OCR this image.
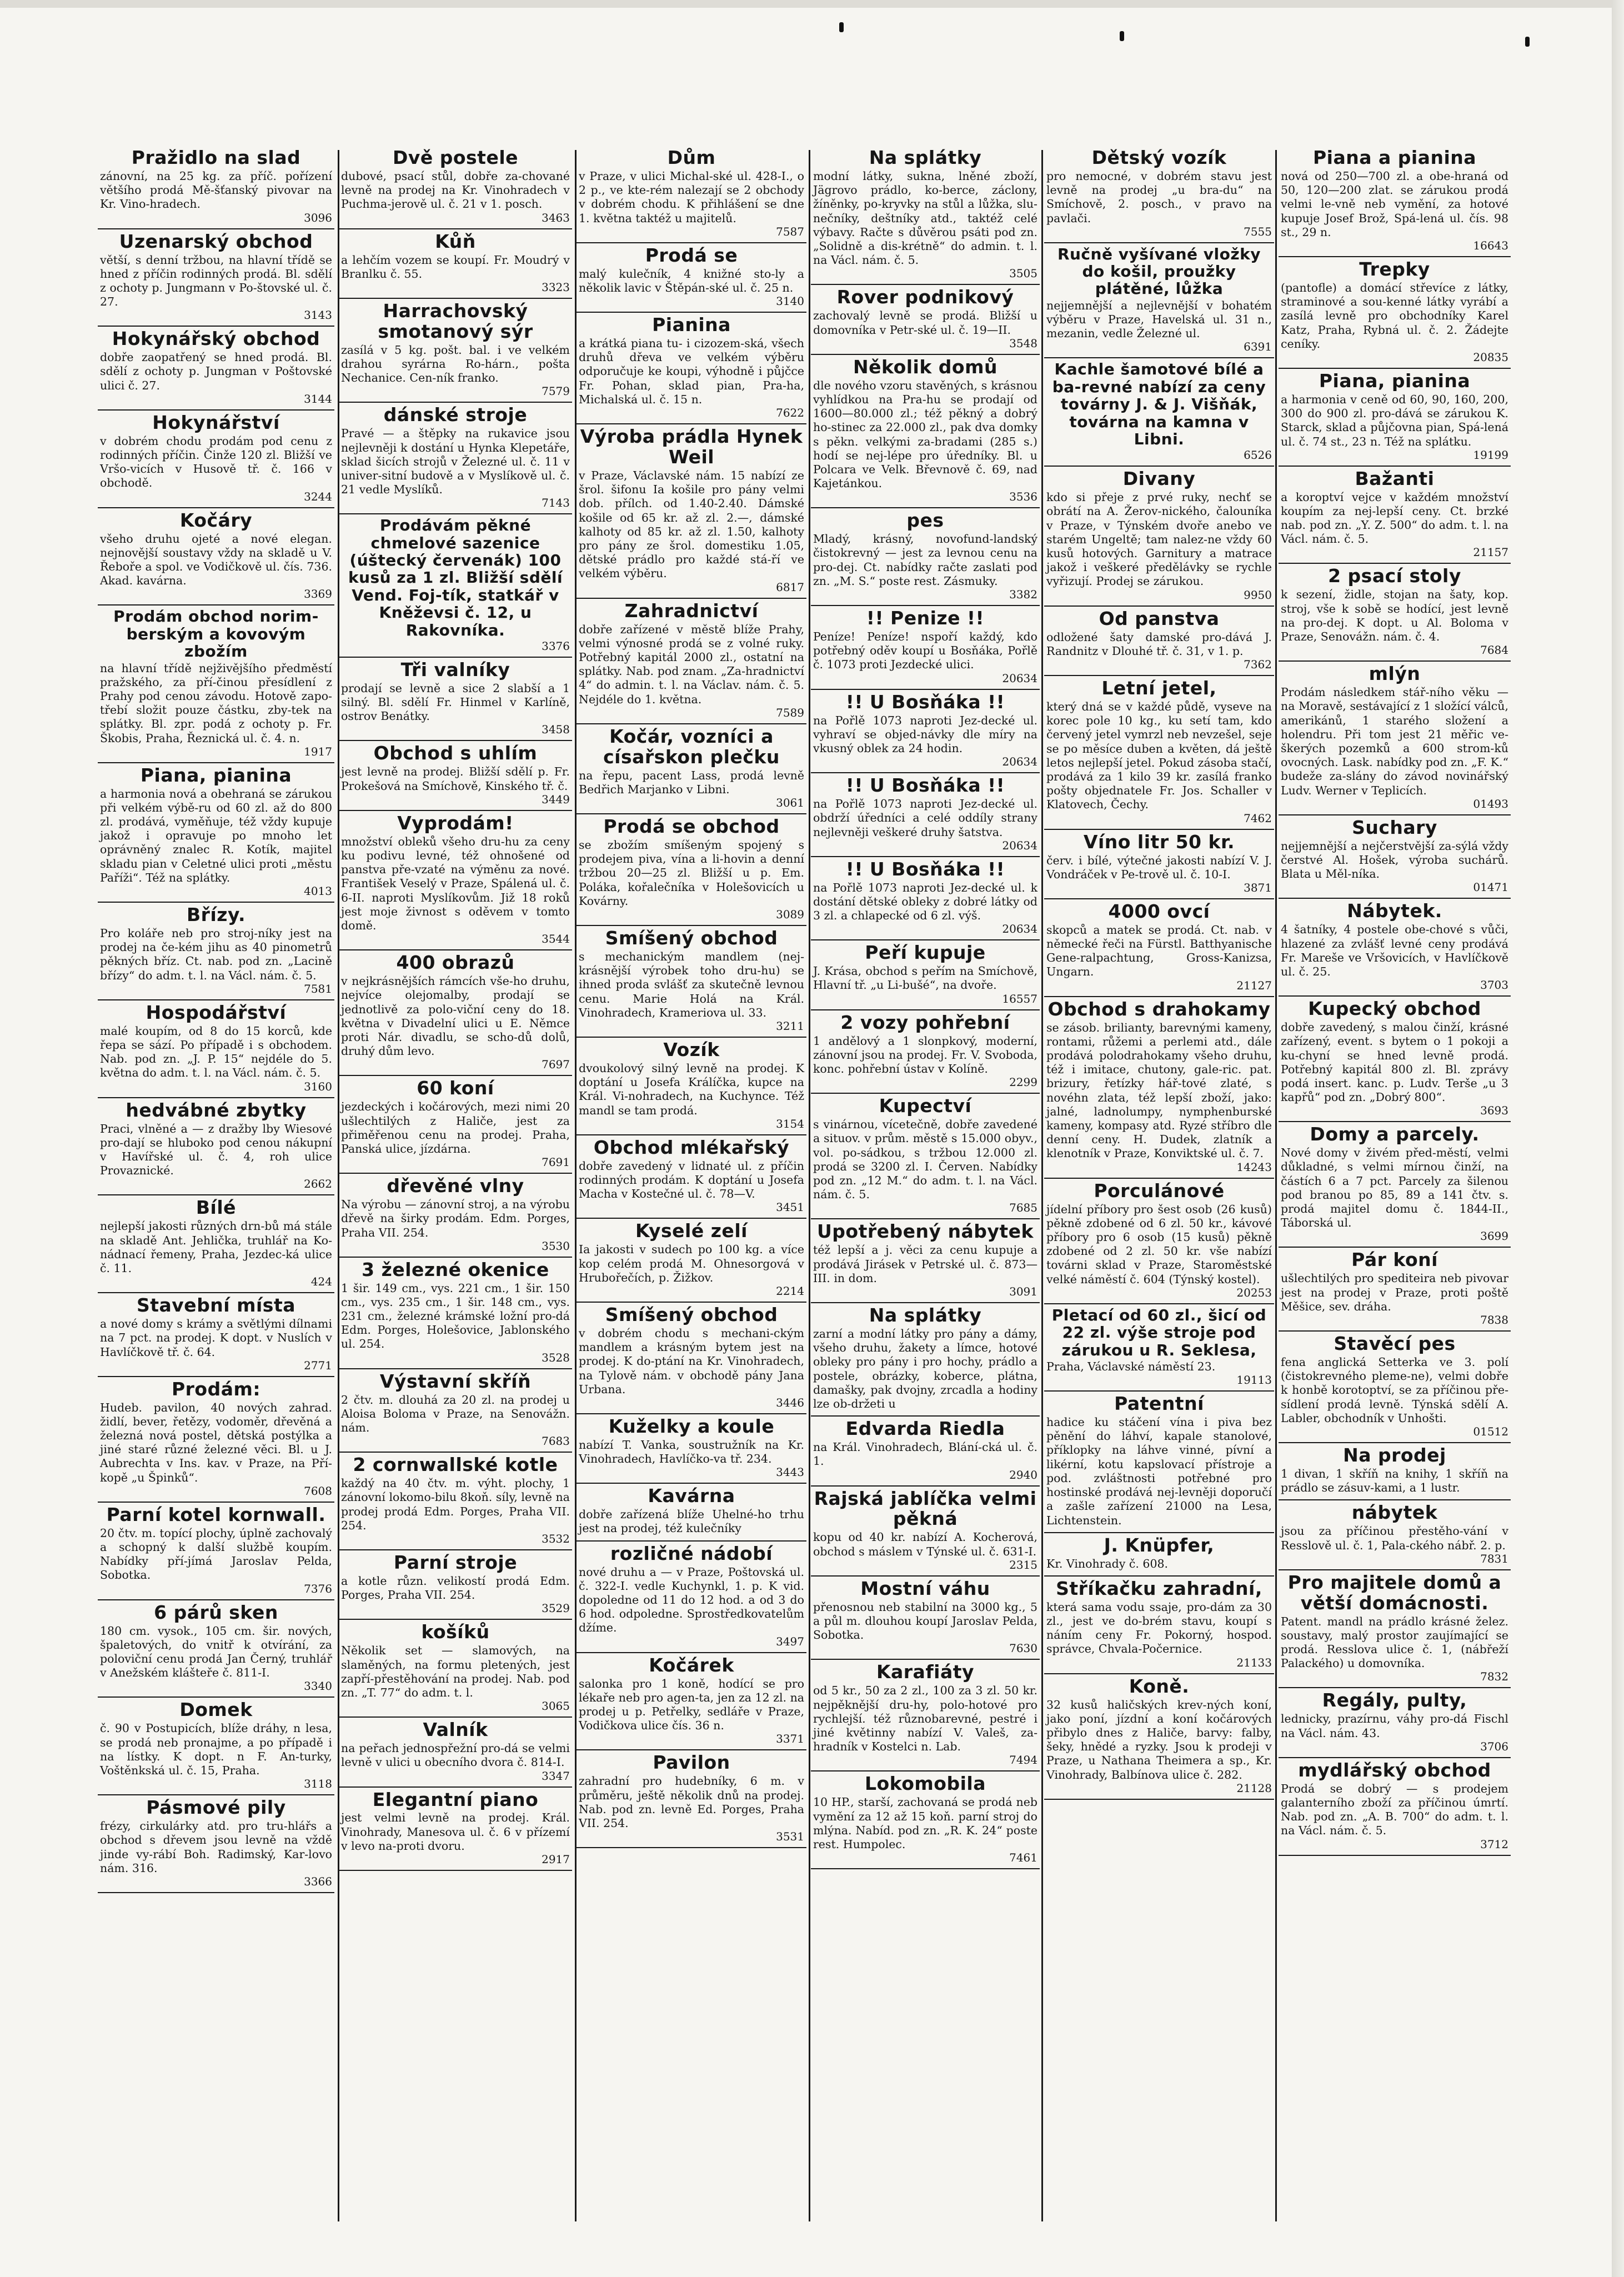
Pražidlo na slad
zánovní, na 25 kg. za příč. pořízení většího prodá Mě-šťanský pivovar na Kr. Vino-hradech.
3096
Uzenarský obchod
větší, s denní tržbou, na hlavní třídě se hned z příčin rodinných prodá. Bl. sdělí z ochoty p. Jungmann v Po-štovské ul. č. 27.
3143
Hokynářský obchod
dobře zaopatřený se hned prodá. Bl. sdělí z ochoty p. Jungman v Poštovské ulici č. 27.
3144
Hokynářství
v dobrém chodu prodám pod cenu z rodinných příčin. Činže 120 zl. Bližší ve Vršo-vicích v Husově tř. č. 166 v obchodě.
3244
Kočáry
všeho druhu ojeté a nové elegan. nejnovější soustavy vždy na skladě u V. Řeboře a spol. ve Vodičkově ul. čís. 736. Akad. kavárna.
3369
Prodám obchod norim-berským a kovovým zbožím
na hlavní třídě nejživějšího předměstí pražského, za pří-činou přesídlení z Prahy pod cenou závodu. Hotově zapo-třebí složit pouze částku, zby-tek na splátky. Bl. zpr. podá z ochoty p. Fr. Škobis, Praha, Řeznická ul. č. 4. n.
1917
Piana, pianina
a harmonia nová a obehraná se zárukou při velkém výbě-ru od 60 zl. až do 800 zl. prodává, vyměňuje, též vždy kupuje jakož i opravuje po mnoho let oprávněný znalec R. Kotík, majitel skladu pian v Celetné ulici proti „městu Paříži“. Též na splátky.
4013
Břízy.
Pro koláře neb pro stroj-níky jest na prodej na če-kém jihu as 40 pinometrů pěkných bříz. Ct. nab. pod zn. „Lacině břízy“ do adm. t. l. na Václ. nám. č. 5.
7581
Hospodářství
malé koupím, od 8 do 15 korců, kde řepa se sází. Po případě i s obchodem. Nab. pod zn. „J. P. 15“ nejdéle do 5. května do adm. t. l. na Václ. nám. č. 5.
3160
hedvábné zbytky
Praci, vlněné a — z dražby lby Wiesové pro-dají se hluboko pod cenou nákupní v Havířské ul. č. 4, roh ulice Provaznické.
2662
Bílé
nejlepší jakosti různých drn-bů má stále na skladě Ant. Jehlička, truhlář na Ko-nádnací řemeny, Praha, Jezdec-ká ulice č. 11.
424
Stavební místa
a nové domy s krámy a světlými dílnami na 7 pct. na prodej. K dopt. v Nuslích v Havlíčkově tř. č. 64.
2771
Prodám:
Hudeb. pavilon, 40 nových zahrad. židlí, bever, řetězy, vodoměr, dřevěná a železná nová postel, dětská postýlka a jiné staré různé železné věci. Bl. u J. Aubrechta v Ins. kav. v Praze, na Pří-kopě „u Špinků“.
7608
Parní kotel kornwall.
20 čtv. m. topící plochy, úplně zachovalý a schopný k další službě koupím. Nabídky pří-jímá Jaroslav Pelda, Sobotka.
7376
6 párů sken
180 cm. vysok., 105 cm. šir. nových, špaletových, do vnitř k otvírání, za poloviční cenu prodá Jan Černý, truhlář v Anežském klášteře č. 811-I.
3340
Domek
č. 90 v Postupicích, blíže dráhy, n lesa, se prodá neb pronajme, a po případě i na lístky. K dopt. n F. An-turky, Voštěnkská ul. č. 15, Praha.
3118
Pásmové pily
frézy, cirkulárky atd. pro tru-hlářs a obchod s dřevem jsou levně na vždě jinde vy-rábí Boh. Radimský, Kar-lovo nám. 316.
3366
Dvě postele
dubové, psací stůl, dobře za-chované levně na prodej na Kr. Vinohradech v Puchma-jerově ul. č. 21 v 1. posch.
3463
Kůň
a lehčím vozem se koupí. Fr. Moudrý v Branlku č. 55.
3323
Harrachovský smotanový sýr
zasílá v 5 kg. pošt. bal. i ve velkém drahou syrárna Ro-hárn., pošta Nechanice. Cen-ník franko.
7579
dánské stroje
Pravé — a štěpky na rukavice jsou nejlevněji k dostání u Hynka Klepetáře, sklad šicích strojů v Železné ul. č. 11 v univer-sitní budově a v Myslíkově ul. č. 21 vedle Myslíků.
7143
Prodávám pěkné chmelové sazenice (úštecký červenák) 100 kusů za 1 zl. Bližší sdělí Vend. Foj-tík, statkář v Kněževsi č. 12, u Rakovníka.
3376
Tři valníky
prodají se levně a sice 2 slabší a 1 silný. Bl. sdělí Fr. Hinmel v Karlíně, ostrov Benátky.
3458
Obchod s uhlím
jest levně na prodej. Bližší sdělí p. Fr. Prokešová na Smíchově, Kinského tř. č.
3449
Vyprodám!
množství obleků všeho dru-hu za ceny ku podivu levné, též ohnošené od panstva pře-vzaté na výměnu za nové. František Veselý v Praze, Spálená ul. č. 6-II. naproti Myslíkovům. Již 18 roků jest moje živnost s oděvem v tomto domě.
3544
400 obrazů
v nejkrásnějších rámcích vše-ho druhu, nejvíce olejomalby, prodají se jednotlivě za polo-viční ceny do 18. května v Divadelní ulici u E. Němce proti Nár. divadlu, se scho-dů dolů, druhý dům levo.
7697
60 koní
jezdeckých i kočárových, mezi nimi 20 ušlechtilých z Haliče, jest za přiměřenou cenu na prodej. Praha, Panská ulice, jízdárna.
7691
dřevěné vlny
Na výrobu — zánovní stroj, a na výrobu dřevě na širky prodám. Edm. Porges, Praha VII. 254.
3530
3 železné okenice
1 šir. 149 cm., vys. 221 cm., 1 šir. 150 cm., vys. 235 cm., 1 šir. 148 cm., vys. 231 cm., železné krámské ložní pro-dá Edm. Porges, Holešovice, Jablonského ul. 254.
3528
Výstavní skříň
2 čtv. m. dlouhá za 20 zl. na prodej u Aloisa Boloma v Praze, na Senovážn. nám.
7683
2 cornwallské kotle
každý na 40 čtv. m. výht. plochy, 1 zánovní lokomo-bilu 8koň. síly, levně na prodej prodá Edm. Porges, Praha VII. 254.
3532
Parní stroje
a kotle různ. velikostí prodá Edm. Porges, Praha VII. 254.
3529
košíků
Několik set — slamových, na slaměných, na formu pletených, jest zapří-přestěhování na prodej. Nab. pod zn. „T. 77“ do adm. t. l.
3065
Valník
na peřach jednospřežní pro-dá se velmi levně v ulici u obecního dvora č. 814-I.
3347
Elegantní piano
jest velmi levně na prodej. Král. Vinohrady, Manesova ul. č. 6 v přízemí v levo na-proti dvoru.
2917
Dům
v Praze, v ulici Michal-ské ul. 428-I., o 2 p., ve kte-rém nalezají se 2 obchody v dobrém chodu. K přihlášení se dne 1. května taktéž u majitelů.
7587
Prodá se
malý kulečník, 4 knižné sto-ly a několik lavic v Štěpán-ské ul. č. 25 n.
3140
Pianina
a krátká piana tu- i cizozem-ská, všech druhů dřeva ve velkém výběru odporučuje ke koupi, výhodně i půjčce Fr. Pohan, sklad pian, Pra-ha, Michalská ul. č. 15 n.
7622
Výroba prádla Hynek Weil
v Praze, Václavské nám. 15 nabízí ze šrol. šifonu Ia košile pro pány velmi dob. přílch. od 1.40-2.40. Dámské košile od 65 kr. až zl. 2.—, dámské kalhoty od 85 kr. až zl. 1.50, kalhoty pro pány ze šrol. domestiku 1.05, dětské prádlo pro každé stá-ří ve velkém výběru.
6817
Zahradnictví
dobře zařízené v městě blíže Prahy, velmi výnosné prodá se z volné ruky. Potřebný kapitál 2000 zl., ostatní na splátky. Nab. pod znam. „Za-hradnictví 4“ do admin. t. l. na Václav. nám. č. 5. Nejdéle do 1. května.
7589
Kočár, vozníci a císařskon plečku
na řepu, pacent Lass, prodá levně Bedřich Marjanko v Libni.
3061
Prodá se obchod
se zbožím smíšeným spojený s prodejem piva, vína a li-hovin a denní tržbou 20—25 zl. Bližší u p. Em. Poláka, kořalečníka v Holešovicích u Kovárny.
3089
Smíšený obchod
s mechanickým mandlem (nej-krásnější výrobek toho dru-hu) se ihned proda svlášť za skutečně levnou cenu. Marie Holá na Král. Vinohradech, Krameriova ul. 33.
3211
Vozík
dvoukolový silný levně na prodej. K doptání u Josefa Králíčka, kupce na Král. Vi-nohradech, na Kuchynce. Též mandl se tam prodá.
3154
Obchod mlékařský
dobře zavedený v lidnaté ul. z příčin rodinných prodám. K doptání u Josefa Macha v Kostečné ul. č. 78—V.
3451
Kyselé zelí
Ia jakosti v sudech po 100 kg. a více kop celém prodá M. Ohnesorgová v Hrubořečích, p. Žižkov.
2214
Smíšený obchod
v dobrém chodu s mechani-ckým mandlem a krásným bytem jest na prodej. K do-ptání na Kr. Vinohradech, na Tylově nám. v obchodě pány Jana Urbana.
3446
Kuželky a koule
nabízí T. Vanka, soustružník na Kr. Vinohradech, Havlíčko-va tř. 234.
3443
Kavárna
dobře zařízená blíže Uhelné-ho trhu jest na prodej, též kulečníky
rozličné nádobí
nové druhu a — v Praze, Poštovská ul. č. 322-I. vedle Kuchynkl, 1. p. K vid. dopoledne od 11 do 12 hod. a od 3 do 6 hod. odpoledne. Sprostředkovatelům džíme.
3497
Kočárek
salonka pro 1 koně, hodící se pro lékaře neb pro agen-ta, jen za 12 zl. na prodej u p. Petřelky, sedláře v Praze, Vodičkova ulice čís. 36 n.
3371
Pavilon
zahradní pro hudebníky, 6 m. v průměru, ještě několik dnů na prodej. Nab. pod zn. levně Ed. Porges, Praha VII. 254.
3531
Na splátky
modní látky, sukna, lněné zboží, Jägrovo prádlo, ko-berce, záclony, žíněnky, po-kryvky na stůl a lůžka, slu-nečníky, deštníky atd., taktéž celé výbavy. Račte s důvěrou psáti pod zn. „Solidně a dis-krétně“ do admin. t. l. na Václ. nám. č. 5.
3505
Rover podnikový
zachovalý levně se prodá. Bližší u domovníka v Petr-ské ul. č. 19—II.
3548
Několik domů
dle nového vzoru stavěných, s krásnou vyhlídkou na Pra-hu se prodají od 1600—80.000 zl.; též pěkný a dobrý ho-stinec za 22.000 zl., pak dva domky s pěkn. velkými za-bradami (285 s.) hodí se nej-lépe pro úředníky. Bl. u Polcara ve Velk. Břevnově č. 69, nad Kajetánkou.
3536
pes
Mladý, krásný, novofund-landský čistokrevný — jest za levnou cenu na pro-dej. Ct. nabídky račte zaslati pod zn. „M. S.“ poste rest. Zásmuky.
3382
!! Penize !!
Peníze! Peníze! nspoří každý, kdo potřebný oděv koupí u Bosňáka, Pořlě č. 1073 proti Jezdecké ulici.
20634
!! U Bosňáka !!
na Pořlě 1073 naproti Jez-decké ul. vyhraví se objed-návky dle míry na vkusný oblek za 24 hodin.
20634
!! U Bosňáka !!
na Pořlě 1073 naproti Jez-decké ul. obdrží úředníci a celé oddíly strany nejlevněji veškeré druhy šatstva.
20634
!! U Bosňáka !!
na Pořlě 1073 naproti Jez-decké ul. k dostání dětské obleky z dobré látky od 3 zl. a chlapecké od 6 zl. výš.
20634
Peří kupuje
J. Krása, obchod s peřím na Smíchově, Hlavní tř. „u Li-bušé“, na dvoře.
16557
2 vozy pohřební
1 andělový a 1 slonpkový, moderní, zánovní jsou na prodej. Fr. V. Svoboda, konc. pohřební ústav v Kolíně.
2299
Kupectví
s vinárnou, vícetečně, dobře zavedené a situov. v prům. městě s 15.000 obyv., vol. po-sádkou, s tržbou 12.000 zl. prodá se 3200 zl. I. Červen. Nabídky pod zn. „12 M.“ do adm. t. l. na Václ. nám. č. 5.
7685
Upotřebený nábytek
též lepší a j. věci za cenu kupuje a prodává Jirásek v Petrské ul. č. 873—III. in dom.
3091
Na splátky
zarní a modní látky pro pány a dámy, všeho druhu, žakety a límce, hotové obleky pro pány i pro hochy, prádlo a postele, obrázky, koberce, plátna, damašky, pak dvojny, zrcadla a hodiny lze ob-držeti u
Edvarda Riedla
na Král. Vinohradech, Blání-cká ul. č. 1.
2940
Rajská jablíčka velmi pěkná
kopu od 40 kr. nabízí A. Kocherová, obchod s máslem v Týnské ul. č. 631-I.
2315
Mostní váhu
přenosnou neb stabilní na 3000 kg., 5 a půl m. dlouhou koupí Jaroslav Pelda, Sobotka.
7630
Karafiáty
od 5 kr., 50 za 2 zl., 100 za 3 zl. 50 kr. nejpěknější dru-hy, polo-hotové pro rychlejší. též různobarevné, pestré i jiné květinny nabízí V. Valeš, za-hradník v Kostelci n. Lab.
7494
Lokomobila
10 HP., starší, zachovaná se prodá neb vymění za 12 až 15 koň. parní stroj do mlýna. Nabíd. pod zn. „R. K. 24“ poste rest. Humpolec.
7461
Dětský vozík
pro nemocné, v dobrém stavu jest levně na prodej „u bra-du“ na Smíchově, 2. posch., v pravo na pavlači.
7555
Ručně vyšívané vložky do košil, proužky plátěné, lůžka
nejjemnější a nejlevnější v bohatém výběru v Praze, Havelská ul. 31 n., mezanin, vedle Železné ul.
6391
Kachle šamotové bílé a ba-revné nabízí za ceny továrny J. & J. Višňák, továrna na kamna v Libni.
6526
Divany
kdo si přeje z prvé ruky, nechť se obrátí na A. Žerov-nického, čalouníka v Praze, v Týnském dvoře anebo ve starém Ungeltě; tam nalez-ne vždy 60 kusů hotových. Garnitury a matrace jakož i veškeré předělávky se rychle vyřizují. Prodej se zárukou.
9950
Od panstva
odložené šaty damské pro-dává J. Randnitz v Dlouhé tř. č. 31, v 1. p.
7362
Letní jetel,
který dná se v každé půdě, vyseve na korec pole 10 kg., ku setí tam, kdo červený jetel vymrzl neb nevzešel, seje se po měsíce duben a květen, dá ještě letos nejlepší jetel. Pokud zásoba stačí, prodává za 1 kilo 39 kr. zasílá franko pošty objednatele Fr. Jos. Schaller v Klatovech, Čechy.
7462
Víno litr 50 kr.
červ. i bílé, výtečné jakosti nabízí V. J. Vondráček v Pe-trově ul. č. 10-I.
3871
4000 ovcí
skopců a matek se prodá. Ct. nab. v německé řeči na Fürstl. Batthyanische Gene-ralpachtung, Gross-Kanizsa, Ungarn.
21127
Obchod s drahokamy
se zásob. brilianty, barevnými kameny, rontami, růžemi a perlemi atd., dále prodává polodrahokamy všeho druhu, též i imitace, chutony, gale-ric. pat. brizury, řetízky hář-tové zlaté, s novéhn zlata, též lepší zboží, jako: jalné, ladnolumpy, nymphenburské kameny, kompasy atd. Ryzé stříbro dle denní ceny. H. Dudek, zlatník a klenotník v Praze, Konviktské ul. č. 7.
14243
Porculánové
jídelní příbory pro šest osob (26 kusů) pěkně zdobené od 6 zl. 50 kr., kávové příbory pro 6 osob (15 kusů) pěkně zdobené od 2 zl. 50 kr. vše nabízí továrni sklad v Praze, Staroměstské velké náměstí č. 604 (Týnský kostel).
20253
Pletací od 60 zl., šicí od 22 zl. výše stroje pod zárukou u R. Seklesa,
Praha, Václavské náměstí 23.
19113
Patentní
hadice ku stáčení vína i piva bez pěnění do láhví, kapale stanolové, příklopky na láhve vinné, pívní a likérní, kotu kapslovací přístroje a pod. zvláštnosti potřebné pro hostinské prodává nej-levněji doporučí a zašle zařízení 21000 na Lesa, Lichtenstein.
J. Knüpfer,
Kr. Vinohrady č. 608.
Stříkačku zahradní,
která sama vodu ssaje, pro-dám za 30 zl., jest ve do-brém stavu, koupí s náním ceny Fr. Pokorný, hospod. správce, Chvala-Počernice.
21133
Koně.
32 kusů haličských krev-ných koní, jako poní, jízdní a koní kočárových přibylo dnes z Haliče, barvy: falby, šeky, hnědé a ryzky. Jsou k prodeji v Praze, u Nathana Theimera a sp., Kr. Vinohrady, Balbínova ulice č. 282.
21128
Piana a pianina
nová od 250—700 zl. a obe-hraná od 50, 120—200 zlat. se zárukou prodá velmi le-vně neb vymění, za hotové kupuje Josef Brož, Spá-lená ul. čís. 98 st., 29 n.
16643
Trepky
(pantofle) a domácí střevíce z látky, straminové a sou-kenné látky vyrábí a zasílá levně pro obchodníky Karel Katz, Praha, Rybná ul. č. 2. Žádejte ceníky.
20835
Piana, pianina
a harmonia v ceně od 60, 90, 160, 200, 300 do 900 zl. pro-dává se zárukou K. Starck, sklad a půjčovna pian, Spá-lená ul. č. 74 st., 23 n. Též na splátku.
19199
Bažanti
a koroptví vejce v každém množství koupím za nej-lepší ceny. Ct. brzké nab. pod zn. „Y. Z. 500“ do adm. t. l. na Václ. nám. č. 5.
21157
2 psací stoly
k sezení, židle, stojan na šaty, kop. stroj, vše k sobě se hodící, jest levně na pro-dej. K dopt. u Al. Boloma v Praze, Senovážn. nám. č. 4.
7684
mlýn
Prodám následkem stář-ního věku — na Moravě, sestávající z 1 složící válců, amerikánů, 1 starého složení a holendru. Při tom jest 21 měřic ve-škerých pozemků a 600 strom-ků ovocných. Lask. nabídky pod zn. „F. K.“ budeže za-slány do závod novinářský Ludv. Werner v Teplicích.
01493
Suchary
nejjemnější a nejčerstvější za-sýlá vždy čerstvé Al. Hošek, výroba suchárů. Blata u Měl-níka.
01471
Nábytek.
4 šatníky, 4 postele obe-chové s vůči, hlazené za zvlášť levné ceny prodává Fr. Mareše ve Vršovicích, v Havlíčkově ul. č. 25.
3703
Kupecký obchod
dobře zavedený, s malou činží, krásné zařízený, event. s bytem o 1 pokoji a ku-chyní se hned levně prodá. Potřebný kapitál 800 zl. Bl. zprávy podá insert. kanc. p. Ludv. Terše „u 3 kapřů“ pod zn. „Dobrý 800“.
3693
Domy a parcely.
Nové domy v živém před-městí, velmi důkladné, s velmi mírnou činží, na částích 6 a 7 pct. Parcely za šilenou pod branou po 85, 89 a 141 čtv. s. prodá majitel domu č. 1844-II., Táborská ul.
3699
Pár koní
ušlechtilých pro spediteira neb pivovar jest na prodej v Praze, proti poště Měšice, sev. dráha.
7838
Stavěcí pes
fena anglická Setterka ve 3. polí (čistokrevného pleme-ne), velmi dobře k honbě korotoptví, se za příčinou pře-sídlení prodá levně. Týnská sdělí A. Labler, obchodník v Unhošti.
01512
Na prodej
1 divan, 1 skříň na knihy, 1 skříň na prádlo se zásuv-kami, a 1 lustr.
nábytek
jsou za příčinou přestěho-vání v Resslově ul. č. 1, Pala-ckého nábř. 2. p.
7831
Pro majitele domů a větší domácnosti.
Patent. mandl na prádlo krásné želez. soustavy, malý prostor zaujímající se prodá. Resslova ulice č. 1, (nábřeží Palackého) u domovníka.
7832
Regály, pulty,
lednicky, prazírnu, váhy pro-dá Fischl na Václ. nám. 43.
3706
mydlářský obchod
Prodá se dobrý — s prodejem galanterního zboží za příčinou úmrtí. Nab. pod zn. „A. B. 700“ do adm. t. l. na Václ. nám. č. 5.
3712
